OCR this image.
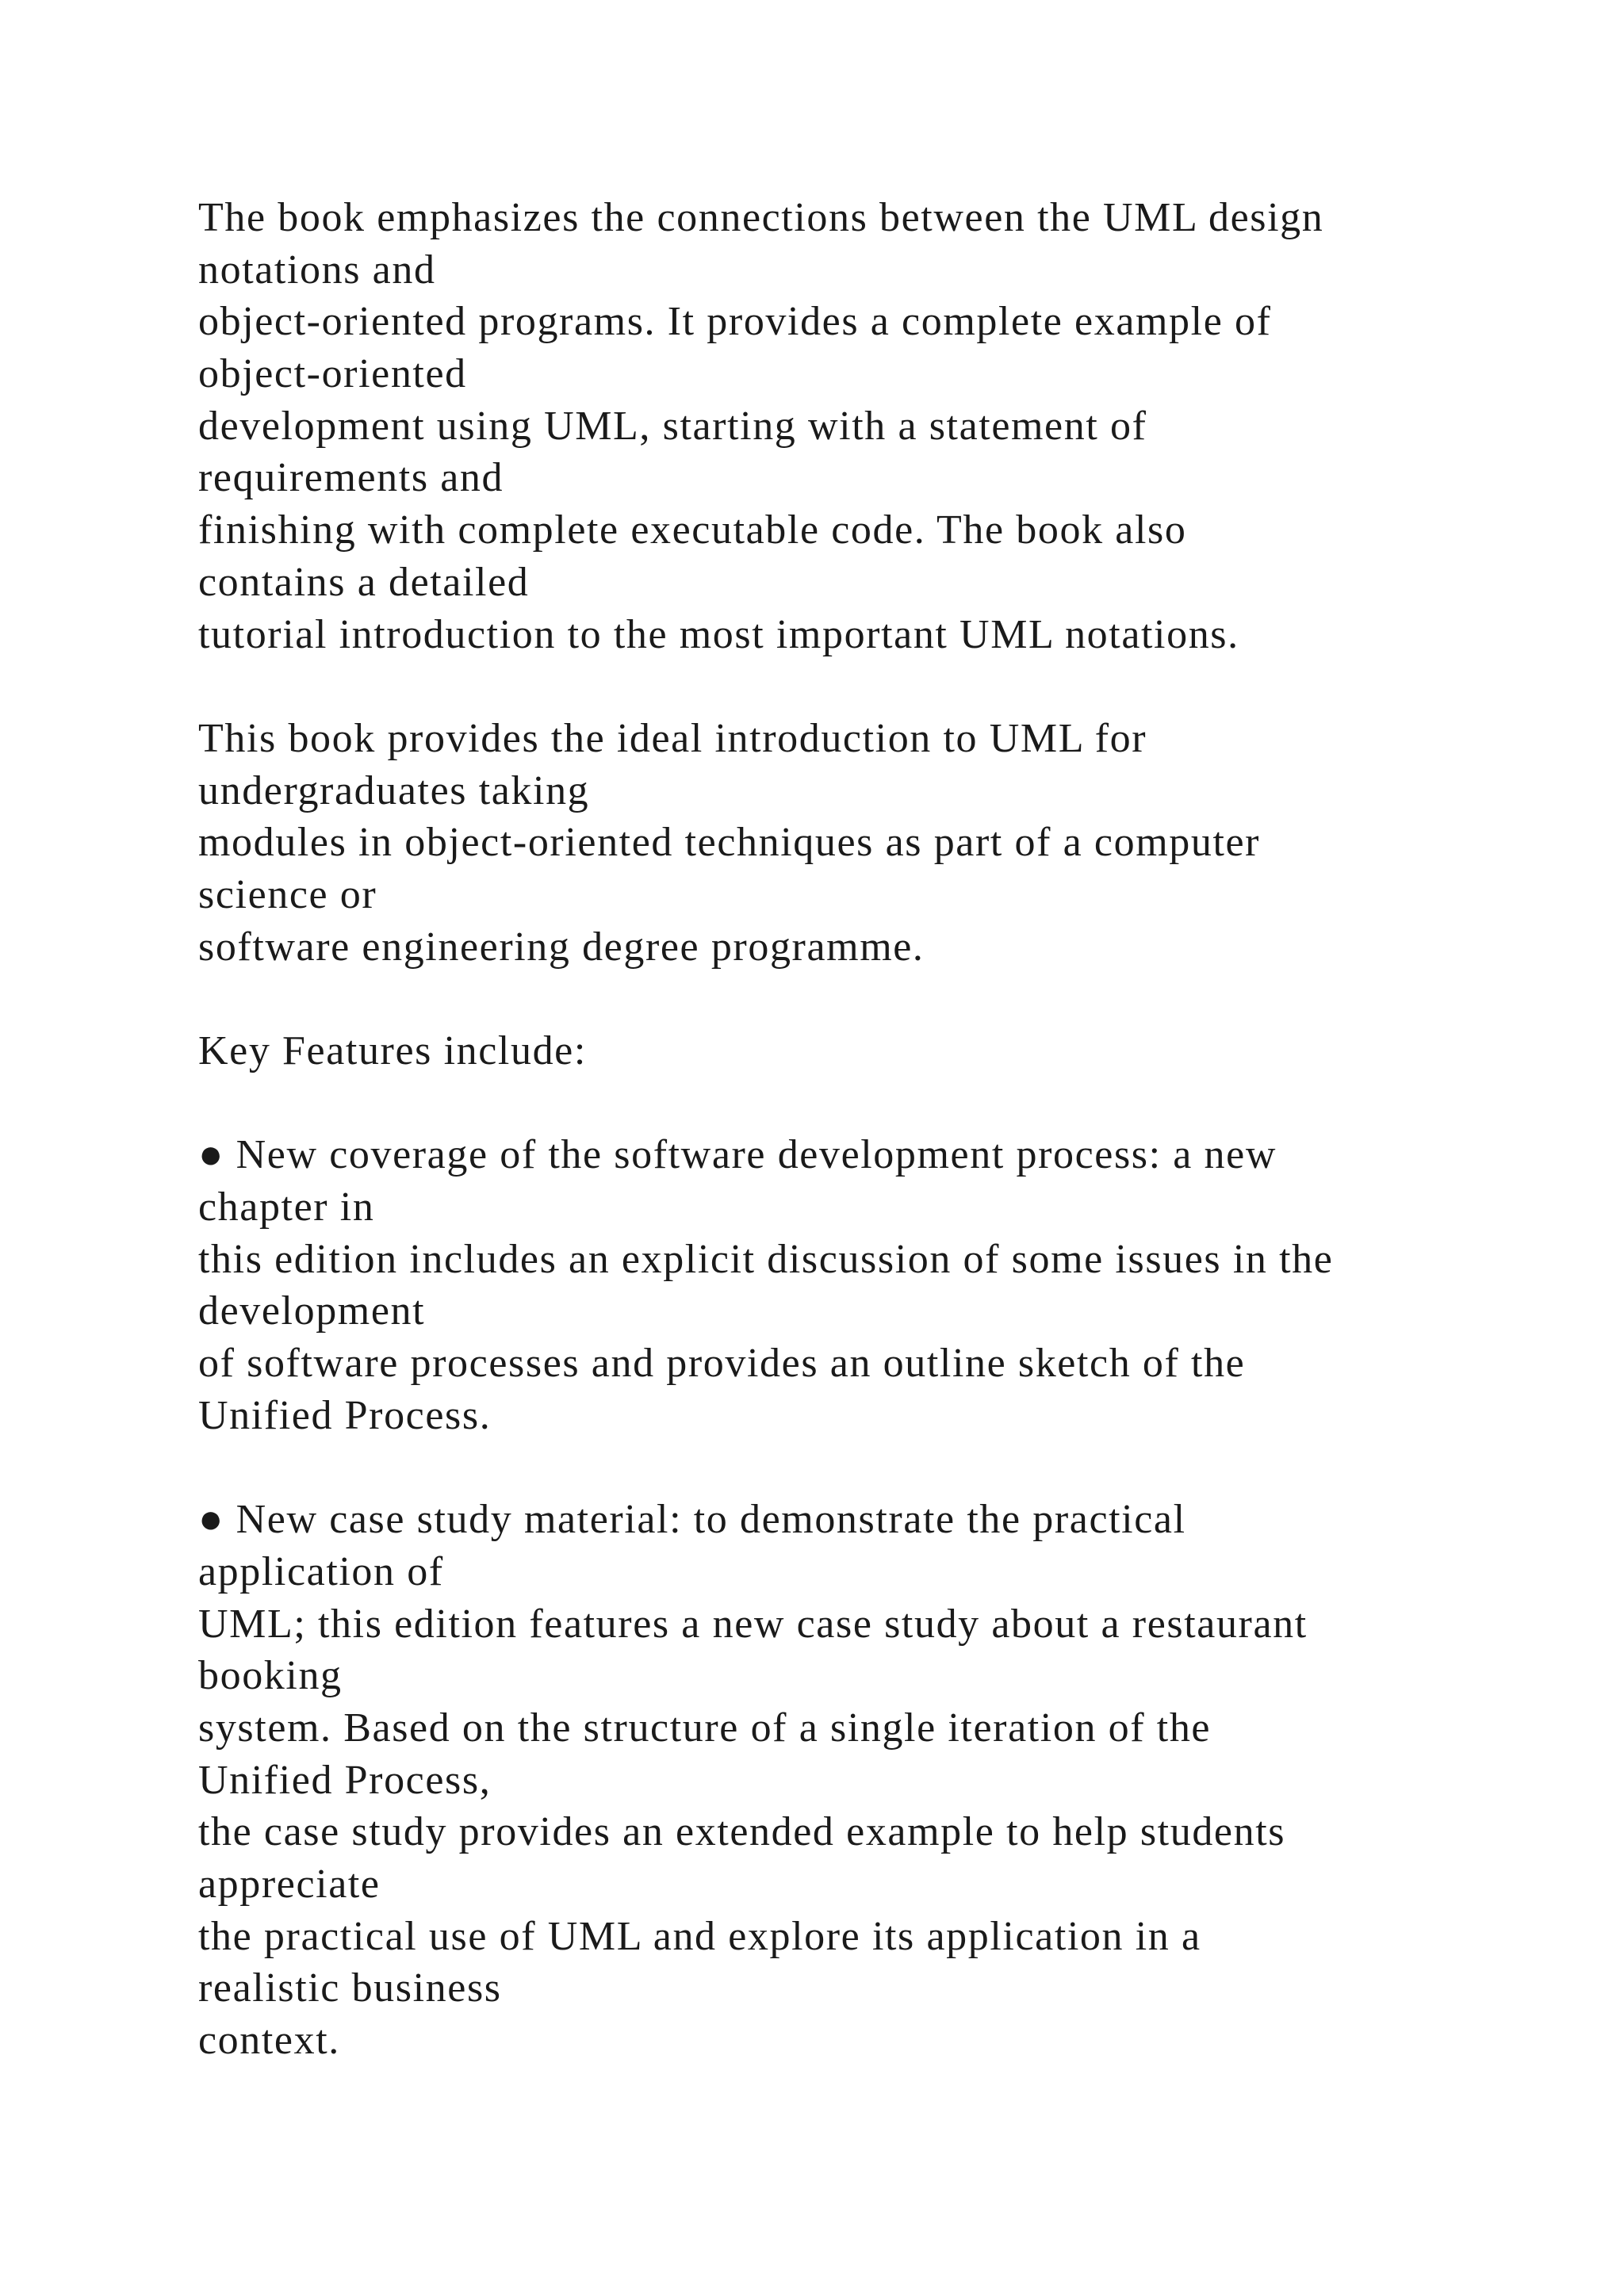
The book emphasizes the connections between the UML design
notations and
object-oriented programs. It provides a complete example of
object-oriented
development using UML, starting with a statement of
requirements and
finishing with complete executable code. The book also
contains a detailed
tutorial introduction to the most important UML notations.
This book provides the ideal introduction to UML for
undergraduates taking
modules in object-oriented techniques as part of a computer
science or
software engineering degree programme.
Key Features include:
● New coverage of the software development process: a new
chapter in
this edition includes an explicit discussion of some issues in the
development
of software processes and provides an outline sketch of the
Unified Process.
● New case study material: to demonstrate the practical
application of
UML; this edition features a new case study about a restaurant
booking
system. Based on the structure of a single iteration of the
Unified Process,
the case study provides an extended example to help students
appreciate
the practical use of UML and explore its application in a
realistic business
context.
